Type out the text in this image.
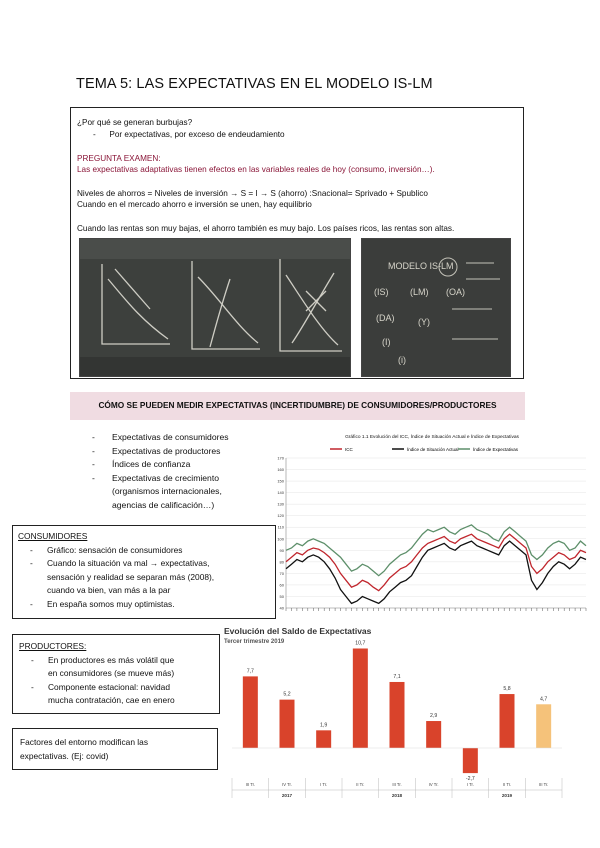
TEMA 5: LAS EXPECTATIVAS EN EL MODELO IS-LM
¿Por qué se generan burbujas?
-      Por expectativas, por exceso de endeudamiento
PREGUNTA EXAMEN:
Las expectativas adaptativas tienen efectos en las variables reales de hoy (consumo, inversión…).
Niveles de ahorros = Niveles de inversión → S = I → S (ahorro) :Snacional= Sprivado + Spublico
Cuando en el mercado ahorro e inversión se unen, hay equilibrio
Cuando las rentas son muy bajas, el ahorro también es muy bajo. Los países ricos, las rentas son altas.
MODELO IS-LM
(IS) (LM) (OA)
(DA)	(Y)
(I)
(i)
CÓMO SE PUEDEN MEDIR EXPECTATIVAS (INCERTIDUMBRE) DE CONSUMIDORES/PRODUCTORES
- Expectativas de consumidores
- Expectativas de productores
- Índices de confianza
- Expectativas de crecimiento
(organismos internacionales,
agencias de calificación…)
Gráfico 1.1 Evolución del ICC, Índice de Situación Actual e Índice de Expectativas
ICC	Índice de Situación Actual	Índice de Expectativas
40
50
60
70
80
90
100
110
120
130
140
150
160
170
CONSUMIDORES
- Gráfico: sensación de consumidores
- Cuando la situación va mal → expectativas,
sensación y realidad se separan más (2008),
cuando va bien, van más a la par
- En españa somos muy optimistas.
PRODUCTORES:
- En productores es más volátil que
en consumidores (se mueve más)
- Componente estacional: navidad
mucha contratación, cae en enero
Factores del entorno modifican las
expectativas. (Ej: covid)
Evolución del Saldo de Expectativas
Tercer trimestre 2019
7,7
5,2
1,9
10,7
7,1
2,9
-2,7
5,8
4,7
III Tr.	IV Tr.	I Tr.	II Tr.	III Tr.	IV Tr.	I Tr.	II Tr.	III Tr.
2017	2018	2019
